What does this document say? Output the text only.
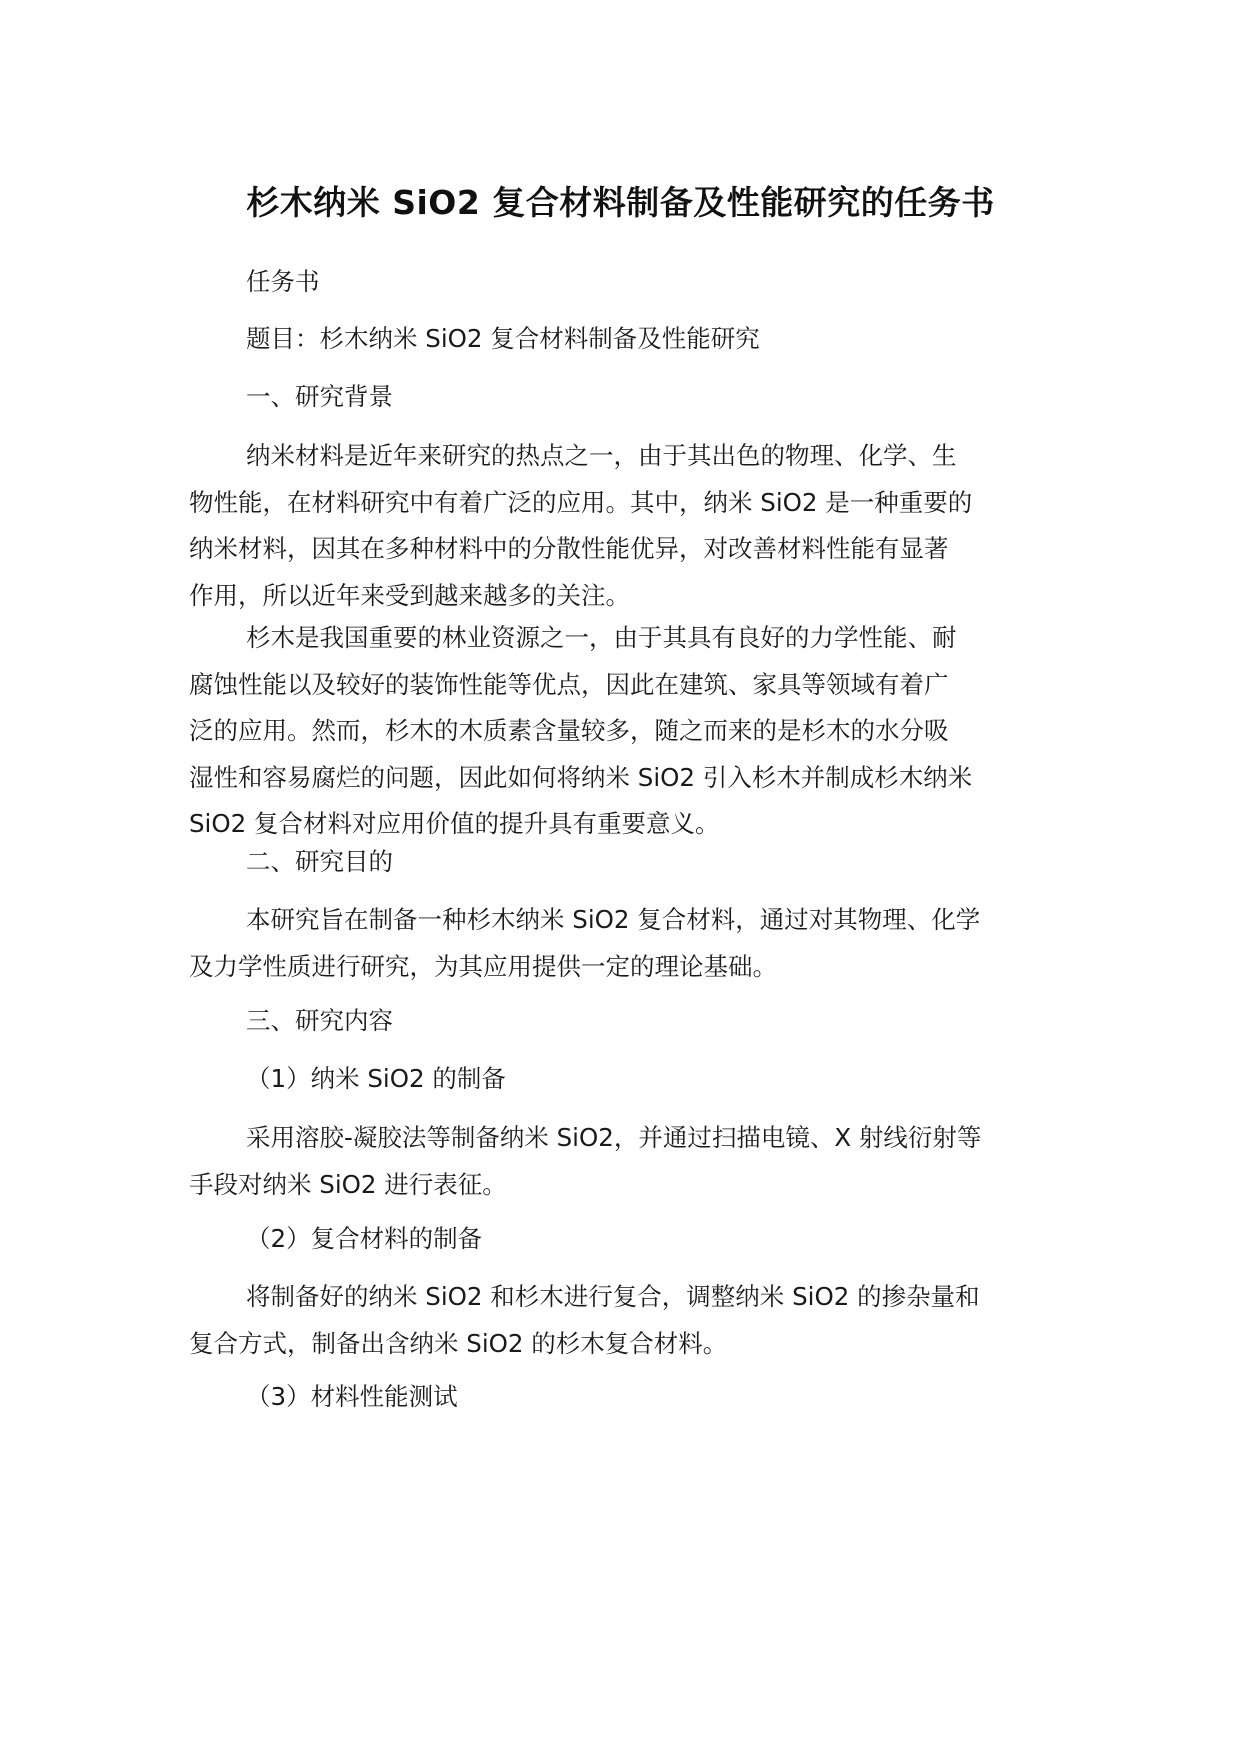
杉木纳米 SiO2 复合材料制备及性能研究的任务书

任务书

题目：杉木纳米 SiO2 复合材料制备及性能研究

一、研究背景

纳米材料是近年来研究的热点之一，由于其出色的物理、化学、生
物性能，在材料研究中有着广泛的应用。其中，纳米 SiO2 是一种重要的
纳米材料，因其在多种材料中的分散性能优异，对改善材料性能有显著
作用，所以近年来受到越来越多的关注。
杉木是我国重要的林业资源之一，由于其具有良好的力学性能、耐
腐蚀性能以及较好的装饰性能等优点，因此在建筑、家具等领域有着广
泛的应用。然而，杉木的木质素含量较多，随之而来的是杉木的水分吸
湿性和容易腐烂的问题，因此如何将纳米 SiO2 引入杉木并制成杉木纳米
SiO2 复合材料对应用价值的提升具有重要意义。

二、研究目的

本研究旨在制备一种杉木纳米 SiO2 复合材料，通过对其物理、化学
及力学性质进行研究，为其应用提供一定的理论基础。

三、研究内容

（1）纳米 SiO2 的制备

采用溶胶-凝胶法等制备纳米 SiO2，并通过扫描电镜、X 射线衍射等
手段对纳米 SiO2 进行表征。

（2）复合材料的制备

将制备好的纳米 SiO2 和杉木进行复合，调整纳米 SiO2 的掺杂量和
复合方式，制备出含纳米 SiO2 的杉木复合材料。

（3）材料性能测试
